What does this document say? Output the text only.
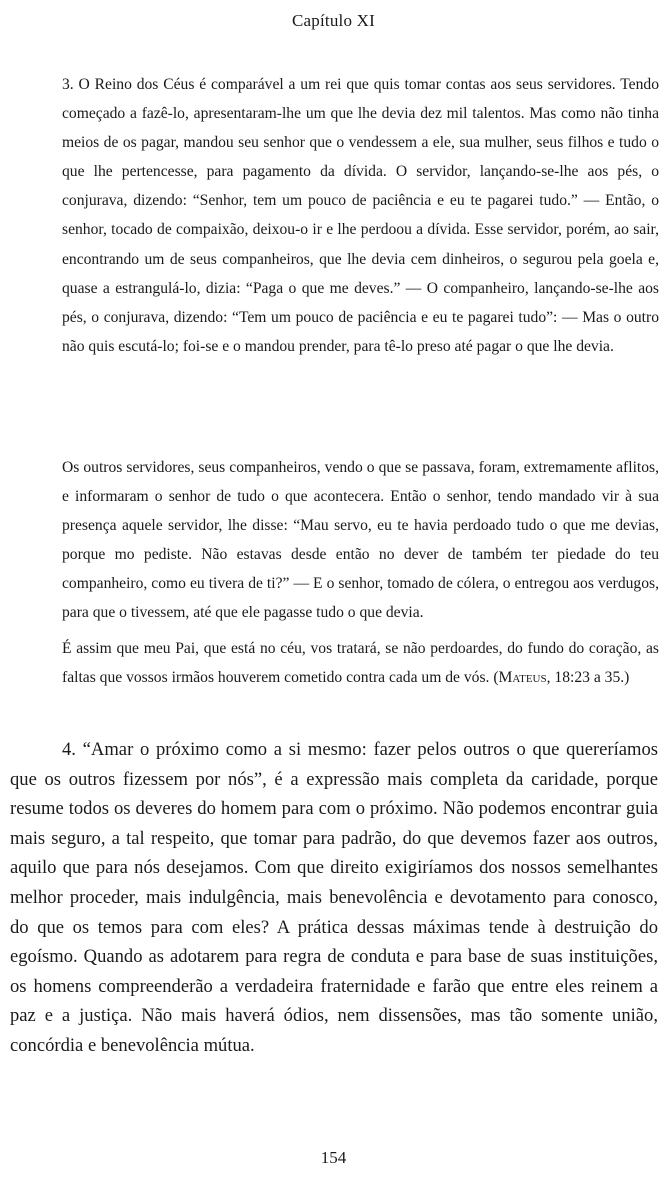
Capítulo XI

3. O Reino dos Céus é comparável a um rei que quis tomar contas aos seus servidores. Tendo começado a fazê-lo, apresentaram-lhe um que lhe devia dez mil talentos. Mas como não tinha meios de os pagar, mandou seu senhor que o vendessem a ele, sua mulher, seus filhos e tudo o que lhe pertencesse, para pagamento da dívida. O servidor, lançando-se-lhe aos pés, o conjurava, dizendo: “Senhor, tem um pouco de paciência e eu te pagarei tudo.” — Então, o senhor, tocado de compaixão, deixou-o ir e lhe perdoou a dívida. Esse servidor, porém, ao sair, encontrando um de seus companheiros, que lhe devia cem dinheiros, o segurou pela goela e, quase a estrangulá-lo, dizia: “Paga o que me deves.” — O companheiro, lançando-se-lhe aos pés, o conjurava, dizendo: “Tem um pouco de paciência e eu te pagarei tudo”: — Mas o outro não quis escutá-lo; foi-se e o mandou prender, para tê-lo preso até pagar o que lhe devia.

Os outros servidores, seus companheiros, vendo o que se passava, foram, extremamente aflitos, e informaram o senhor de tudo o que acontecera. Então o senhor, tendo mandado vir à sua presença aquele servidor, lhe disse: “Mau servo, eu te havia perdoado tudo o que me devias, porque mo pediste. Não estavas desde então no dever de também ter piedade do teu companheiro, como eu tivera de ti?” — E o senhor, tomado de cólera, o entregou aos verdugos, para que o tivessem, até que ele pagasse tudo o que devia.

É assim que meu Pai, que está no céu, vos tratará, se não perdoardes, do fundo do coração, as faltas que vossos irmãos houverem cometido contra cada um de vós. (Mateus, 18:23 a 35.)

4. “Amar o próximo como a si mesmo: fazer pelos outros o que quereríamos que os outros fizessem por nós”, é a expressão mais completa da caridade, porque resume todos os deveres do homem para com o próximo. Não podemos encontrar guia mais seguro, a tal respeito, que tomar para padrão, do que devemos fazer aos outros, aquilo que para nós desejamos. Com que direito exigiríamos dos nossos semelhantes melhor proceder, mais indulgência, mais benevolência e devotamento para conosco, do que os temos para com eles? A prática dessas máximas tende à destruição do egoísmo. Quando as adotarem para regra de conduta e para base de suas instituições, os homens compreenderão a verdadeira fraternidade e farão que entre eles reinem a paz e a justiça. Não mais haverá ódios, nem dissensões, mas tão somente união, concórdia e benevolência mútua.

154
